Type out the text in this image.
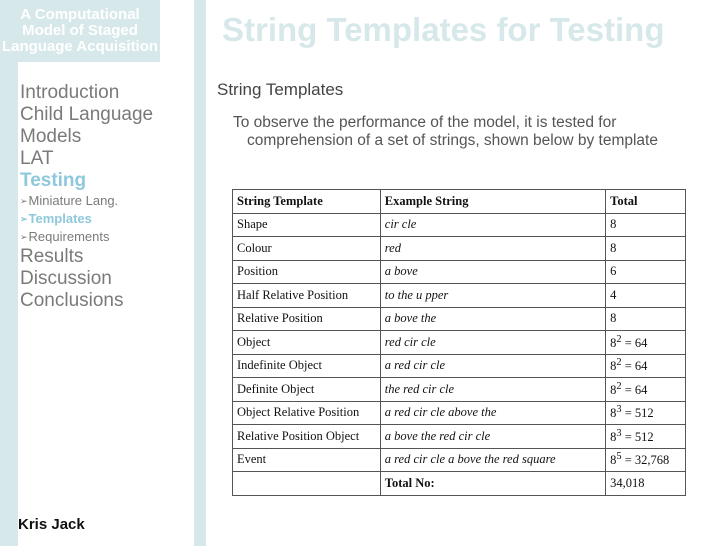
A Computational
Model of Staged
Language Acquisition String Templates for Testing
Introduction
Child Language
Models
LAT
Testing
➢ Miniature Lang.
➢ Templates
➢ Requirements
Results
Discussion
Conclusions
Kris Jack
String Templates
To observe the performance of the model, it is tested for comprehension of a set of strings, shown below by template
String Template	Example String	Total
Shape	cir cle	8
Colour	red	8
Position	a bove	6
Half Relative Position	to the u pper	4
Relative Position	a bove the	8
Object	red cir cle	$8^2 = 64$
Indefinite Object	a red cir cle	$8^2 = 64$
Definite Object	the red cir cle	$8^2 = 64$
Object Relative Position	a red cir cle above the	$8^3 = 512$
Relative Position Object	a bove the red cir cle	$8^3 = 512$
Event	a red cir cle a bove the red square	$8^5 = 32,768$
	Total No:	34,018
